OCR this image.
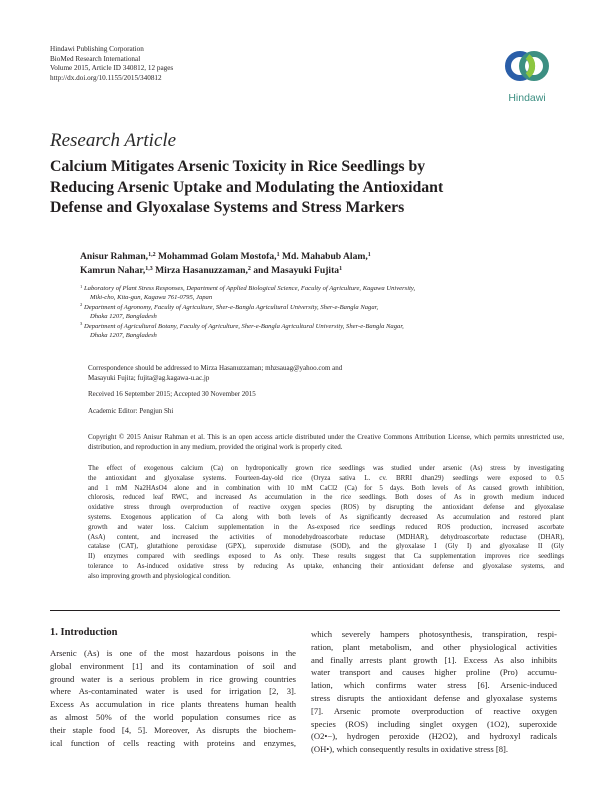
Hindawi Publishing Corporation
BioMed Research International
Volume 2015, Article ID 340812, 12 pages
http://dx.doi.org/10.1155/2015/340812
Hindawi
Research Article
Calcium Mitigates Arsenic Toxicity in Rice Seedlings by
Reducing Arsenic Uptake and Modulating the Antioxidant
Defense and Glyoxalase Systems and Stress Markers
Anisur Rahman,$^{1,2}$ Mohammad Golam Mostofa,$^1$ Md. Mahabub Alam,$^1$
Kamrun Nahar,$^{1,3}$ Mirza Hasanuzzaman,$^2$ and Masayuki Fujita$^1$
1 Laboratory of Plant Stress Responses, Department of Applied Biological Science, Faculty of Agriculture, Kagawa University,
Miki-cho, Kita-gun, Kagawa 761-0795, Japan
2 Department of Agronomy, Faculty of Agriculture, Sher-e-Bangla Agricultural University, Sher-e-Bangla Nagar,
Dhaka 1207, Bangladesh
3 Department of Agricultural Botany, Faculty of Agriculture, Sher-e-Bangla Agricultural University, Sher-e-Bangla Nagar,
Dhaka 1207, Bangladesh
Correspondence should be addressed to Mirza Hasanuzzaman; mhzsauag@yahoo.com and
Masayuki Fujita; fujita@ag.kagawa-u.ac.jp
Received 16 September 2015; Accepted 30 November 2015
Academic Editor: Pengjun Shi
Copyright © 2015 Anisur Rahman et al. This is an open access article distributed under the Creative Commons Attribution License, which permits unrestricted use, distribution, and reproduction in any medium, provided the original work is properly cited.
The effect of exogenous calcium (Ca) on hydroponically grown rice seedlings was studied under arsenic (As) stress by investigating
the antioxidant and glyoxalase systems. Fourteen-day-old rice (Oryza sativa L. cv. BRRI dhan29) seedlings were exposed to 0.5
and 1 mM Na2HAsO4 alone and in combination with 10 mM CaCl2 (Ca) for 5 days. Both levels of As caused growth inhibition,
chlorosis, reduced leaf RWC, and increased As accumulation in the rice seedlings. Both doses of As in growth medium induced
oxidative stress through overproduction of reactive oxygen species (ROS) by disrupting the antioxidant defense and glyoxalase
systems. Exogenous application of Ca along with both levels of As significantly decreased As accumulation and restored plant
growth and water loss. Calcium supplementation in the As-exposed rice seedlings reduced ROS production, increased ascorbate
(AsA) content, and increased the activities of monodehydroascorbate reductase (MDHAR), dehydroascorbate reductase (DHAR),
catalase (CAT), glutathione peroxidase (GPX), superoxide dismutase (SOD), and the glyoxalase I (Gly I) and glyoxalase II (Gly
II) enzymes compared with seedlings exposed to As only. These results suggest that Ca supplementation improves rice seedlings
tolerance to As-induced oxidative stress by reducing As uptake, enhancing their antioxidant defense and glyoxalase systems, and
also improving growth and physiological condition.
1. Introduction
Arsenic (As) is one of the most hazardous poisons in the
global environment [1] and its contamination of soil and
ground water is a serious problem in rice growing countries
where As-contaminated water is used for irrigation [2, 3].
Excess As accumulation in rice plants threatens human health
as almost 50% of the world population consumes rice as
their staple food [4, 5]. Moreover, As disrupts the biochem-
ical function of cells reacting with proteins and enzymes,
which severely hampers photosynthesis, transpiration, respi-
ration, plant metabolism, and other physiological activities
and finally arrests plant growth [1]. Excess As also inhibits
water transport and causes higher proline (Pro) accumu-
lation, which confirms water stress [6]. Arsenic-induced
stress disrupts the antioxidant defense and glyoxalase systems
[7]. Arsenic promote overproduction of reactive oxygen
species (ROS) including singlet oxygen (1O2), superoxide
(O2•−), hydrogen peroxide (H2O2), and hydroxyl radicals
(OH•), which consequently results in oxidative stress [8].
